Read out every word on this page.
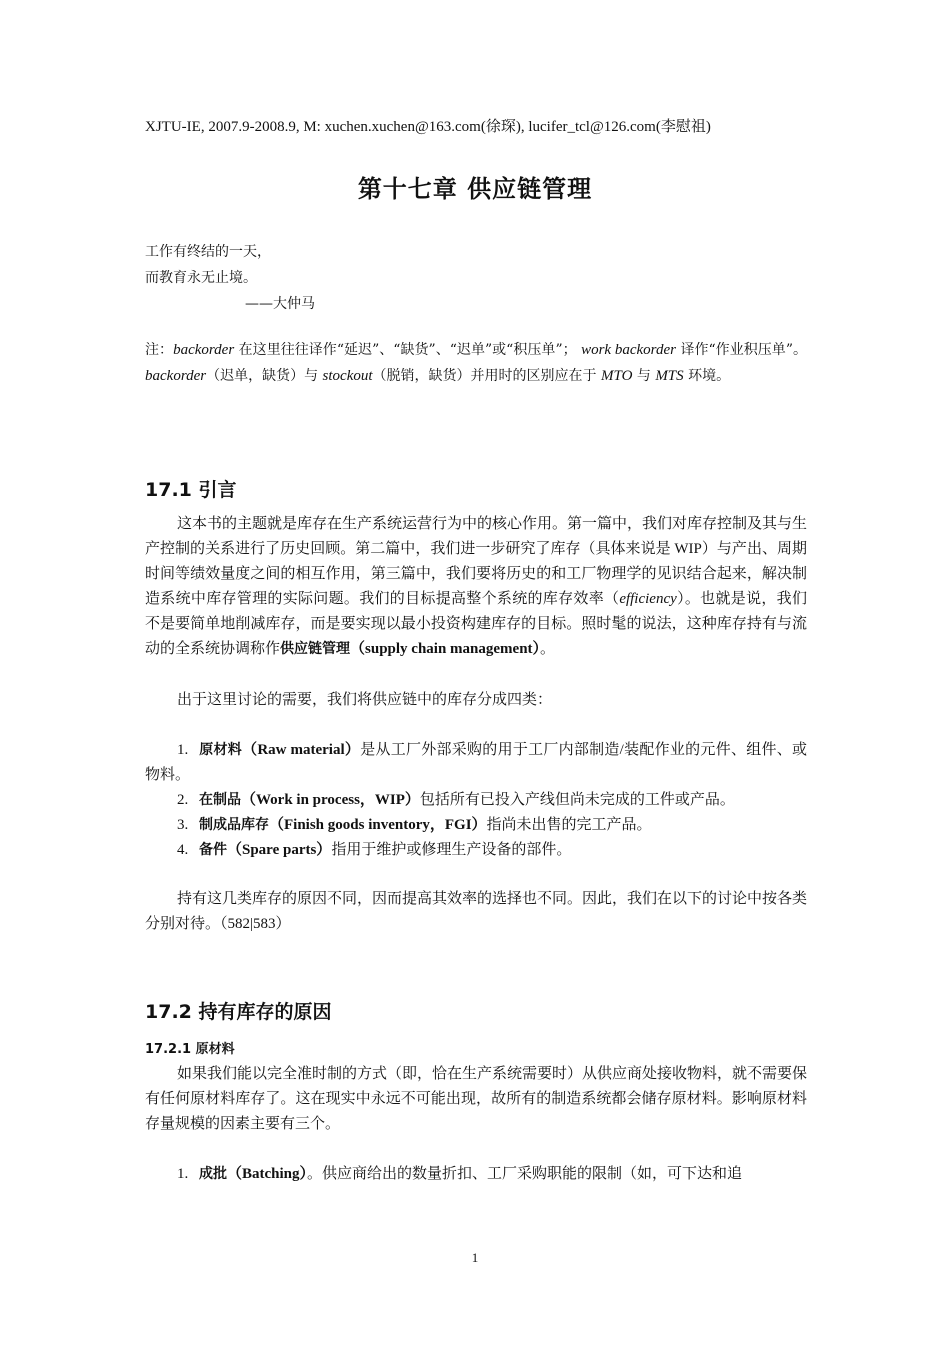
XJTU-IE, 2007.9-2008.9, M: xuchen.xuchen@163.com(徐琛), lucifer_tcl@126.com(李慰祖)
第十七章 供应链管理
工作有终结的一天，
而教育永无止境。
——大仲马
注：backorder 在这里往往译作“延迟”、“缺货”、“迟单”或“积压单”； work backorder 译作“作业积压单”。backorder（迟单，缺货）与 stockout（脱销，缺货）并用时的区别应在于 MTO 与 MTS 环境。
17.1 引言
这本书的主题就是库存在生产系统运营行为中的核心作用。第一篇中，我们对库存控制及其与生产控制的关系进行了历史回顾。第二篇中，我们进一步研究了库存（具体来说是 WIP）与产出、周期时间等绩效量度之间的相互作用，第三篇中，我们要将历史的和工厂物理学的见识结合起来，解决制造系统中库存管理的实际问题。我们的目标提高整个系统的库存效率（efficiency）。也就是说，我们不是要简单地削减库存，而是要实现以最小投资构建库存的目标。照时髦的说法，这种库存持有与流动的全系统协调称作供应链管理（supply chain management）。
出于这里讨论的需要，我们将供应链中的库存分成四类：
1. 原材料（Raw material）是从工厂外部采购的用于工厂内部制造/装配作业的元件、组件、或物料。
2. 在制品（Work in process，WIP）包括所有已投入产线但尚未完成的工件或产品。
3. 制成品库存（Finish goods inventory，FGI）指尚未出售的完工产品。
4. 备件（Spare parts）指用于维护或修理生产设备的部件。
持有这几类库存的原因不同，因而提高其效率的选择也不同。因此，我们在以下的讨论中按各类分别对待。（582|583）
17.2 持有库存的原因
17.2.1 原材料
如果我们能以完全准时制的方式（即，恰在生产系统需要时）从供应商处接收物料，就不需要保有任何原材料库存了。这在现实中永远不可能出现，故所有的制造系统都会储存原材料。影响原材料存量规模的因素主要有三个。
1. 成批（Batching）。供应商给出的数量折扣、工厂采购职能的限制（如，可下达和追
1
